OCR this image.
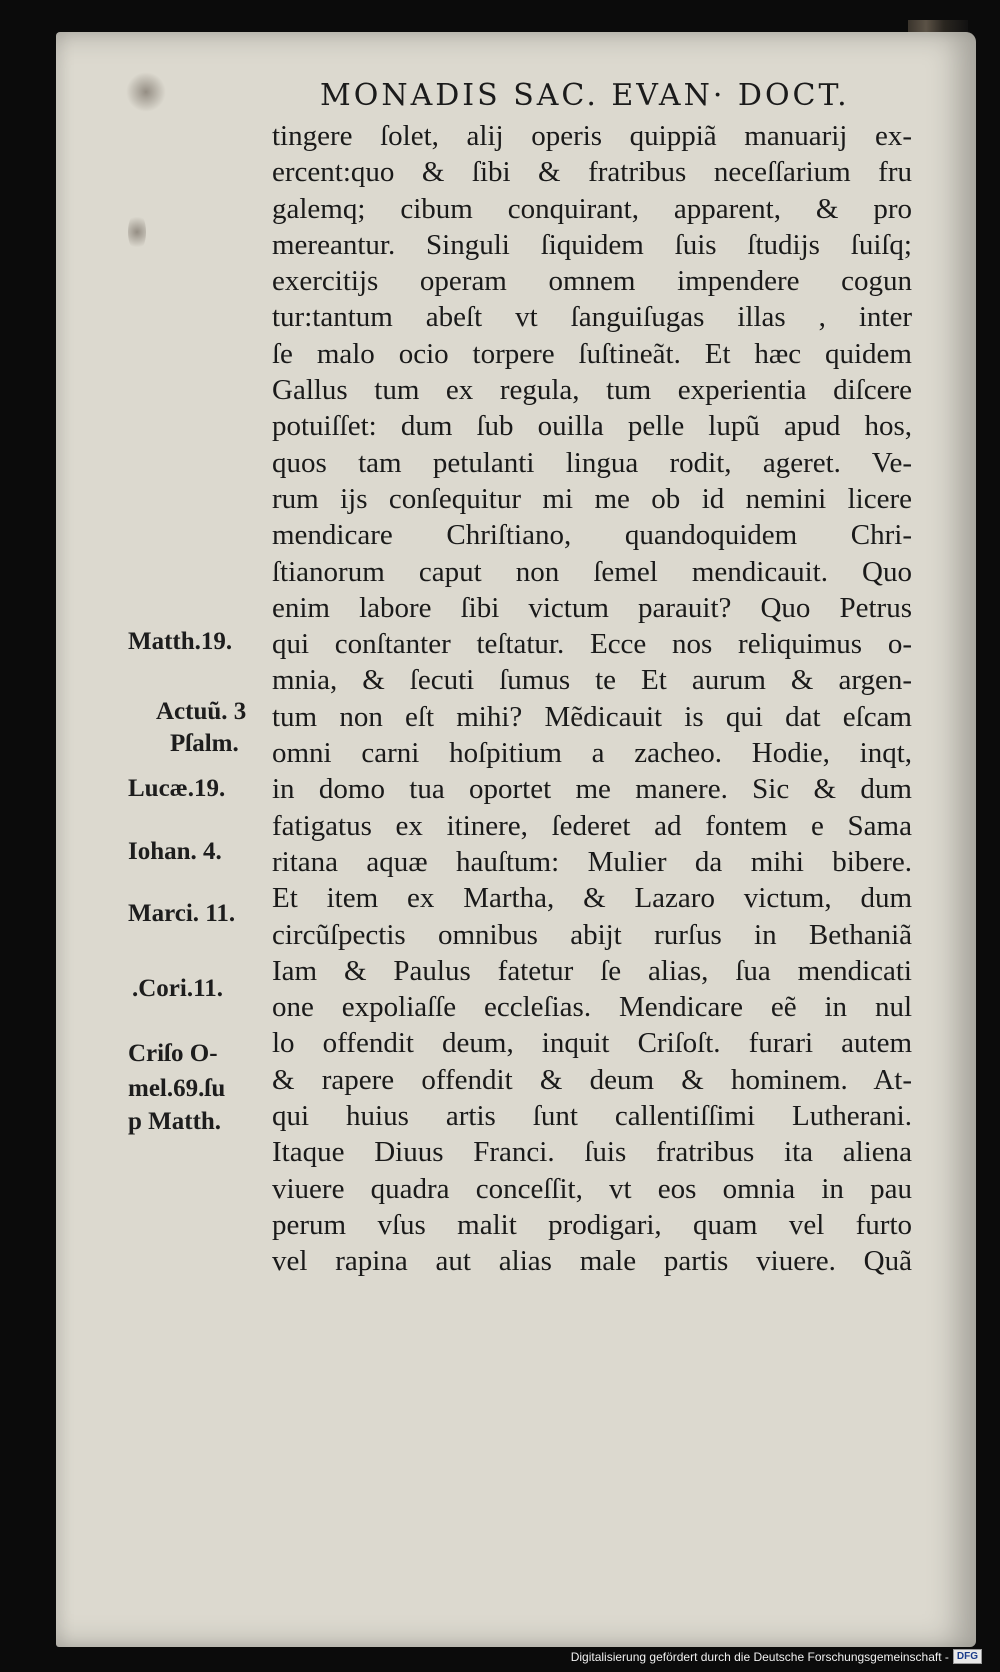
MONADIS SAC. EVAN· DOCT.
tingere ſolet, alij operis quippiã manuarij ex-
ercent:quo & ſibi & fratribus neceſſarium fru
galemq; cibum conquirant, apparent, & pro
mereantur. Singuli ſiquidem ſuis ſtudijs ſuiſq;
exercitijs operam omnem impendere cogun
tur:tantum abeſt vt ſanguiſugas illas , inter
ſe malo ocio torpere ſuſtineãt. Et hæc quidem
Gallus tum ex regula, tum experientia diſcere
potuiſſet: dum ſub ouilla pelle lupũ apud hos,
quos tam petulanti lingua rodit, ageret. Ve-
rum ijs conſequitur mi me ob id nemini licere
mendicare Chriſtiano, quandoquidem Chri-
ſtianorum caput non ſemel mendicauit. Quo
enim labore ſibi victum parauit? Quo Petrus
qui conſtanter teſtatur. Ecce nos reliquimus o-
mnia, & ſecuti ſumus te Et aurum & argen-
tum non eſt mihi? Mẽdicauit is qui dat eſcam
omni carni hoſpitium a zacheo. Hodie, inqt,
in domo tua oportet me manere. Sic & dum
fatigatus ex itinere, ſederet ad fontem e Sama
ritana aquæ hauſtum: Mulier da mihi bibere.
Et item ex Martha, & Lazaro victum, dum
circũſpectis omnibus abijt rurſus in Bethaniã
Iam & Paulus fatetur ſe alias, ſua mendicati
one expoliaſſe eccleſias. Mendicare eẽ in nul
lo offendit deum, inquit Criſoſt. furari autem
& rapere offendit & deum & hominem. At-
qui huius artis ſunt callentiſſimi Lutherani.
Itaque Diuus Franci. ſuis fratribus ita aliena
viuere quadra conceſſit, vt eos omnia in pau
perum vſus malit prodigari, quam vel furto
vel rapina aut alias male partis viuere. Quã
Matth.19.
Actuũ. 3
Pſalm.
Lucæ.19.
Iohan. 4.
Marci. 11.
.Cori.11.
Criſo O-
mel.69.ſu
p Matth.
Digitalisierung gefördert durch die Deutsche Forschungsgemeinschaft - DFG
